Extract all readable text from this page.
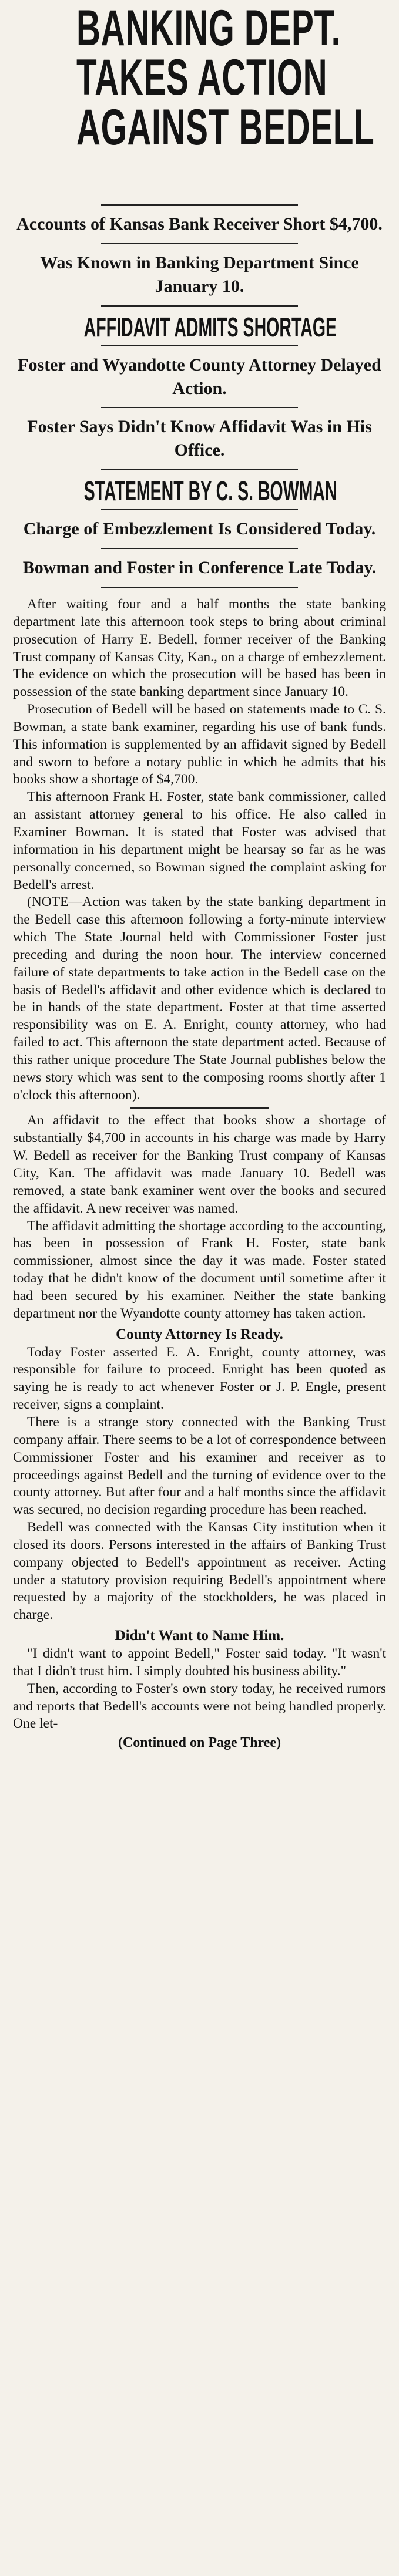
BANKING DEPT.

TAKES ACTION

AGAINST BEDELL

Accounts of Kansas Bank Receiver Short $4,700.

Was Known in Banking Department Since January 10.

AFFIDAVIT ADMITS SHORTAGE

Foster and Wyandotte County Attorney Delayed Action.

Foster Says Didn't Know Affidavit Was in His Office.

STATEMENT BY C. S. BOWMAN

Charge of Embezzlement Is Considered Today.

Bowman and Foster in Conference Late Today.

After waiting four and a half months the state banking department late this afternoon took steps to bring about criminal prosecution of Harry E. Bedell, former receiver of the Banking Trust company of Kansas City, Kan., on a charge of embezzlement. The evidence on which the prosecution will be based has been in possession of the state banking department since January 10.

Prosecution of Bedell will be based on statements made to C. S. Bowman, a state bank examiner, regarding his use of bank funds. This information is supplemented by an affidavit signed by Bedell and sworn to before a notary public in which he admits that his books show a shortage of $4,700.

This afternoon Frank H. Foster, state bank commissioner, called an assistant attorney general to his office. He also called in Examiner Bowman. It is stated that Foster was advised that information in his department might be hearsay so far as he was personally concerned, so Bowman signed the complaint asking for Bedell's arrest.

(NOTE—Action was taken by the state banking department in the Bedell case this afternoon following a forty-minute interview which The State Journal held with Commissioner Foster just preceding and during the noon hour. The interview concerned failure of state departments to take action in the Bedell case on the basis of Bedell's affidavit and other evidence which is declared to be in hands of the state department. Foster at that time asserted responsibility was on E. A. Enright, county attorney, who had failed to act. This afternoon the state department acted. Because of this rather unique procedure The State Journal publishes below the news story which was sent to the composing rooms shortly after 1 o'clock this afternoon).

An affidavit to the effect that books show a shortage of substantially $4,700 in accounts in his charge was made by Harry W. Bedell as receiver for the Banking Trust company of Kansas City, Kan. The affidavit was made January 10. Bedell was removed, a state bank examiner went over the books and secured the affidavit. A new receiver was named.

The affidavit admitting the shortage according to the accounting, has been in possession of Frank H. Foster, state bank commissioner, almost since the day it was made. Foster stated today that he didn't know of the document until sometime after it had been secured by his examiner. Neither the state banking department nor the Wyandotte county attorney has taken action.

County Attorney Is Ready.

Today Foster asserted E. A. Enright, county attorney, was responsible for failure to proceed. Enright has been quoted as saying he is ready to act whenever Foster or J. P. Engle, present receiver, signs a complaint.

There is a strange story connected with the Banking Trust company affair. There seems to be a lot of correspondence between Commissioner Foster and his examiner and receiver as to proceedings against Bedell and the turning of evidence over to the county attorney. But after four and a half months since the affidavit was secured, no decision regarding procedure has been reached.

Bedell was connected with the Kansas City institution when it closed its doors. Persons interested in the affairs of Banking Trust company objected to Bedell's appointment as receiver. Acting under a statutory provision requiring Bedell's appointment where requested by a majority of the stockholders, he was placed in charge.

Didn't Want to Name Him.

"I didn't want to appoint Bedell," Foster said today. "It wasn't that I didn't trust him. I simply doubted his business ability."

Then, according to Foster's own story today, he received rumors and reports that Bedell's accounts were not being handled properly. One let-

(Continued on Page Three)
